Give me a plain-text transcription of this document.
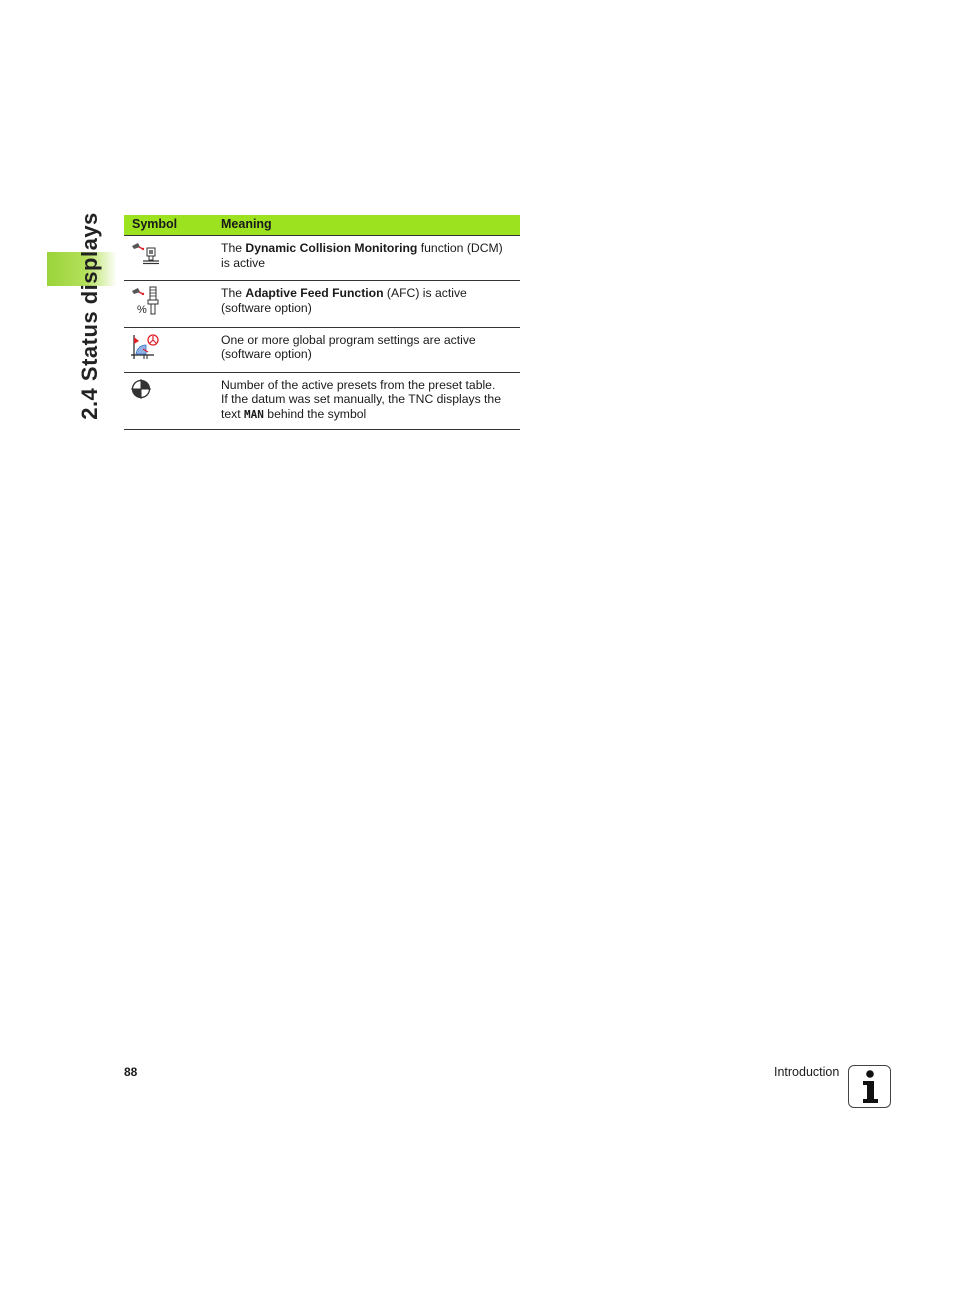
2.4 Status displays Symbol	Meaning
	The Dynamic Collision Monitoring function (DCM)
is active

%	The Adaptive Feed Function (AFC) is active
(software option)
	One or more global program settings are active
(software option)
	Number of the active presets from the preset table.
If the datum was set manually, the TNC displays the
text MAN behind the symbol
88	Introduction
